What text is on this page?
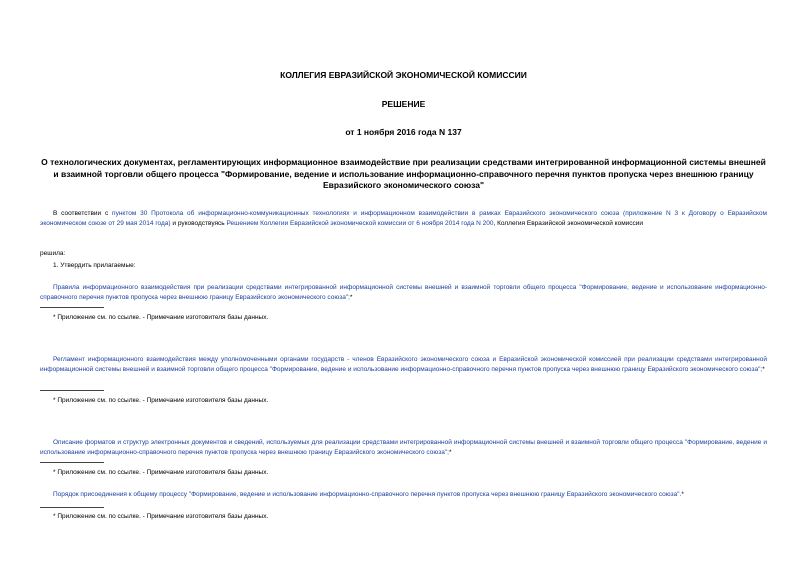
КОЛЛЕГИЯ ЕВРАЗИЙСКОЙ ЭКОНОМИЧЕСКОЙ КОМИССИИ
РЕШЕНИЕ
от 1 ноября 2016 года N 137
О технологических документах, регламентирующих информационное взаимодействие при реализации средствами интегрированной информационной системы внешней и взаимной торговли общего процесса "Формирование, ведение и использование информационно-справочного перечня пунктов пропуска через внешнюю границу Евразийского экономического союза"
В соответствии с пунктом 30 Протокола об информационно-коммуникационных технологиях и информационном взаимодействии в рамках Евразийского экономического союза (приложение N 3 к Договору о Евразийском экономическом союзе от 29 мая 2014 года) и руководствуясь Решением Коллегии Евразийской экономической комиссии от 6 ноября 2014 года N 200, Коллегия Евразийской экономической комиссии
решила:
1. Утвердить прилагаемые:
Правила информационного взаимодействия при реализации средствами интегрированной информационной системы внешней и взаимной торговли общего процесса "Формирование, ведение и использование информационно-справочного перечня пунктов пропуска через внешнюю границу Евразийского экономического союза";*
* Приложение см. по ссылке. - Примечание изготовителя базы данных.
Регламент информационного взаимодействия между уполномоченными органами государств - членов Евразийского экономического союза и Евразийской экономической комиссией при реализации средствами интегрированной информационной системы внешней и взаимной торговли общего процесса "Формирование, ведение и использование информационно-справочного перечня пунктов пропуска через внешнюю границу Евразийского экономического союза";*
* Приложение см. по ссылке. - Примечание изготовителя базы данных.
Описание форматов и структур электронных документов и сведений, используемых для реализации средствами интегрированной информационной системы внешней и взаимной торговли общего процесса "Формирование, ведение и использование информационно-справочного перечня пунктов пропуска через внешнюю границу Евразийского экономического союза";*
* Приложение см. по ссылке. - Примечание изготовителя базы данных.
Порядок присоединения к общему процессу "Формирование, ведение и использование информационно-справочного перечня пунктов пропуска через внешнюю границу Евразийского экономического союза".*
* Приложение см. по ссылке. - Примечание изготовителя базы данных.
